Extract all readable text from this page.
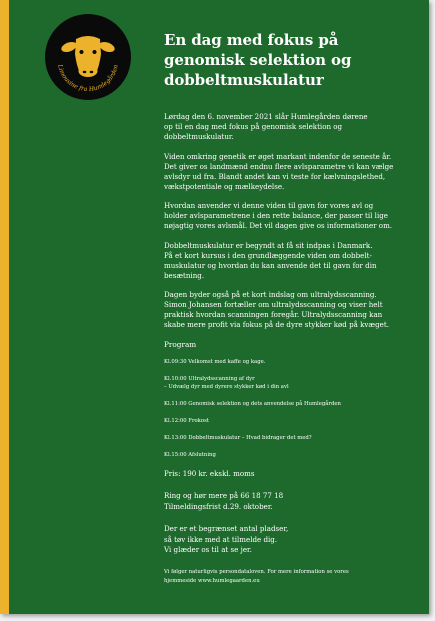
Limousine fra Humlegården
En dag med fokus på genomisk selektion og dobbeltmuskulatur

Lørdag den 6. november 2021 slår Humlegården dørene

op til en dag med fokus på genomisk selektion og

dobbeltmuskulatur.

Viden omkring genetik er øget markant indenfor de seneste år.

Det giver os landmænd endnu flere avlsparametre vi kan vælge

avlsdyr ud fra. Blandt andet kan vi teste for kælvningslethed,

vækstpotentiale og mælkeydelse.

Hvordan anvender vi denne viden til gavn for vores avl og

holder avlsparametrene i den rette balance, der passer til lige

nøjagtig vores avlsmål. Det vil dagen give os informationer om.

Dobbeltmuskulatur er begyndt at få sit indpas i Danmark.

På et kort kursus i den grundlæggende viden om dobbelt-

muskulatur og hvordan du kan anvende det til gavn for din

besætning.

Dagen byder også på et kort indslag om ultralydsscanning.

Simon Johansen fortæller om ultralydsscanning og viser helt

praktisk hvordan scanningen foregår. Ultralydsscanning kan

skabe mere profit via fokus på de dyre stykker kød på kvæget.

Program

Kl.09:30 Velkomst med kaffe og kage.

Kl.10:00 Ultralydsscanning af dyr

– Udvælg dyr med dyrere stykker kød i din avl

Kl.11:00 Genomisk selektion og dets anvendelse på Humlegården

Kl.12:00 Frokost

Kl.13:00 Dobbeltmuskulatur – Hvad bidrager det med?

Kl.15:00 Afslutning

Pris: 190 kr. ekskl. moms

Ring og hør mere på 66 18 77 18

Tilmeldingsfrist d.29. oktober.

Der er et begrænset antal pladser,

så tøv ikke med at tilmelde dig.

Vi glæder os til at se jer.

Vi følger naturligvis persondataloven. For mere information se vores

hjemmeside www.humlegaarden.eu
